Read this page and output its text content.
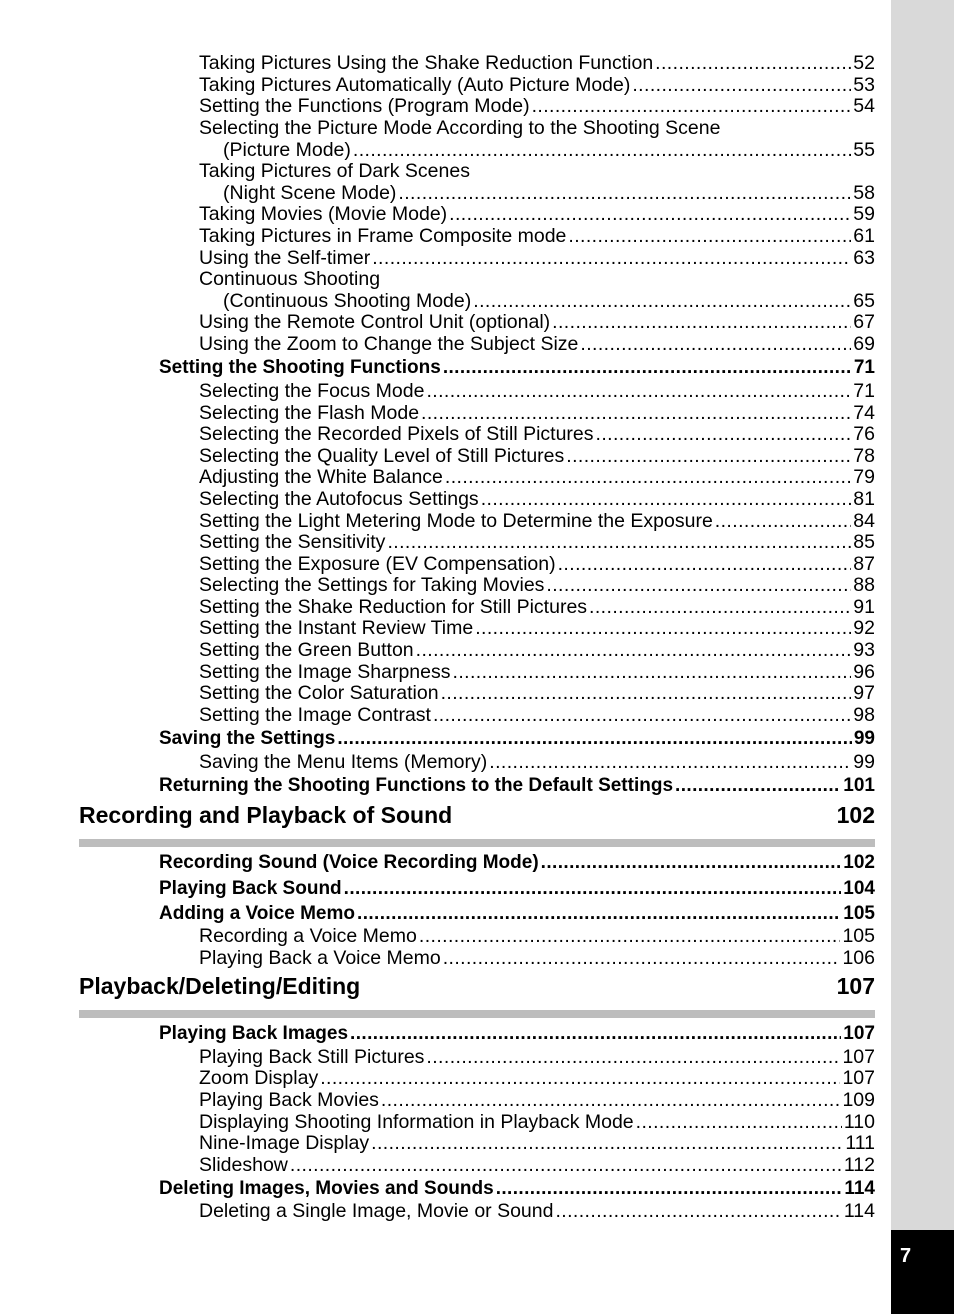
7
Taking Pictures Using the Shake Reduction Function .....	52
Taking Pictures Automatically (Auto Picture Mode) .....	53
Setting the Functions (Program Mode) .....	54
Selecting the Picture Mode According to the Shooting Scene
(Picture Mode) .....	55
Taking Pictures of Dark Scenes
(Night Scene Mode) .....	58
Taking Movies (Movie Mode) .....	59
Taking Pictures in Frame Composite mode .....	61
Using the Self-timer .....	63
Continuous Shooting
(Continuous Shooting Mode) .....	65
Using the Remote Control Unit (optional) .....	67
Using the Zoom to Change the Subject Size .....	69
Setting the Shooting Functions .....	71
Selecting the Focus Mode .....	71
Selecting the Flash Mode .....	74
Selecting the Recorded Pixels of Still Pictures .....	76
Selecting the Quality Level of Still Pictures .....	78
Adjusting the White Balance .....	79
Selecting the Autofocus Settings .....	81
Setting the Light Metering Mode to Determine the Exposure .....	84
Setting the Sensitivity .....	85
Setting the Exposure (EV Compensation) .....	87
Selecting the Settings for Taking Movies .....	88
Setting the Shake Reduction for Still Pictures .....	91
Setting the Instant Review Time .....	92
Setting the Green Button .....	93
Setting the Image Sharpness .....	96
Setting the Color Saturation .....	97
Setting the Image Contrast .....	98
Saving the Settings .....	99
Saving the Menu Items (Memory) .....	99
Returning the Shooting Functions to the Default Settings .....	101
Recording and Playback of Sound	102
Recording Sound (Voice Recording Mode) .....	102
Playing Back Sound .....	104
Adding a Voice Memo .....	105
Recording a Voice Memo .....	105
Playing Back a Voice Memo .....	106
Playback/Deleting/Editing	107
Playing Back Images .....	107
Playing Back Still Pictures .....	107
Zoom Display .....	107
Playing Back Movies .....	109
Displaying Shooting Information in Playback Mode .....	110
Nine-Image Display .....	111
Slideshow .....	112
Deleting Images, Movies and Sounds .....	114
Deleting a Single Image, Movie or Sound .....	114
